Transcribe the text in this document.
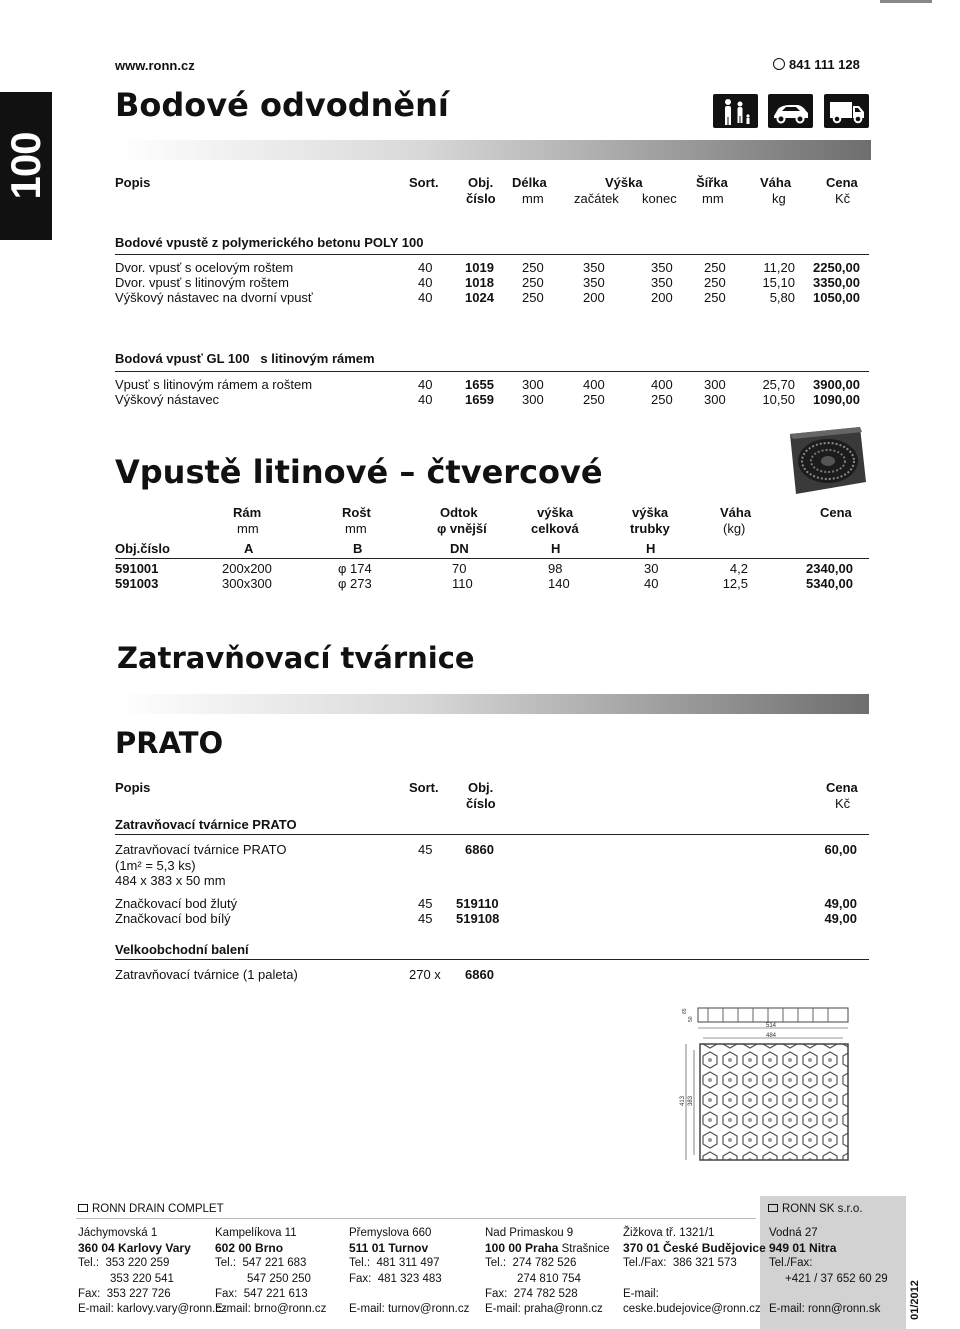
www.ronn.cz	841 111 128
100
Bodové odvodnění
Popis	Sort. Obj. Délka	Výška	Šířka Váha	Cena
číslo mm začátek konec mm	kg	Kč
Bodové vpustě z polymerického betonu POLY 100
Dvor. vpusť s ocelovým roštem	40	1019 250	350	350 250	11,20	2250,00
Dvor. vpusť s litinovým roštem	40	1018 250	350	350 250	15,10	3350,00
Výškový nástavec na dvorní vpusť	40	1024 250	200	200 250	5,80	1050,00
Bodová vpusť GL 100   s litinovým rámem
Vpusť s litinovým rámem a roštem	40	1655 300	400	400 300	25,70	3900,00
Výškový nástavec	40	1659 300	250	250 300	10,50	1090,00
Vpustě litinové – čtvercové
Rám	Rošt	Odtok	výška	výška	Váha	Cena
mm	mm	φ vnější	celková	trubky	(kg)
Obj.číslo	A	B	DN	H	H
591001	200x200	φ 174	70	98	30	4,2	2340,00
591003	300x300	φ 273	110	140	40	12,5	5340,00
Zatravňovací tvárnice
PRATO
Popis	Sort. Obj.	Cena
číslo	Kč
Zatravňovací tvárnice PRATO
Zatravňovací tvárnice PRATO	45	6860	60,00
(1m² = 5,3 ks)
484 x 383 x 50 mm
Značkovací bod žlutý	45 519110	49,00
Značkovací bod bílý	45 519108	49,00
Velkoobchodní balení
Zatravňovací tvárnice (1 paleta)	270 x 6860
65
50
514
484
413 383
RONN DRAIN COMPLET	RONN SK s.r.o.
Jáchymovská 1
360 04 Karlovy Vary
Tel.:  353 220 259
353 220 541
Fax:  353 227 726
E-mail: karlovy.vary@ronn.cz
Kampelíkova 11
602 00 Brno
Tel.:  547 221 683
547 250 250
Fax:  547 221 613
E-mail: brno@ronn.cz
Přemyslova 660
511 01 Turnov
Tel.:  481 311 497
Fax:  481 323 483
E-mail: turnov@ronn.cz
Nad Primaskou 9
100 00 Praha Strašnice
Tel.:  274 782 526
274 810 754
Fax:  274 782 528
E-mail: praha@ronn.cz
Žižkova tř. 1321/1
370 01 České Budějovice
Tel./Fax:  386 321 573
E-mail:
ceske.budejovice@ronn.cz
Vodná 27
949 01 Nitra
Tel./Fax:
+421 / 37 652 60 29
E-mail: ronn@ronn.sk	01/2012
